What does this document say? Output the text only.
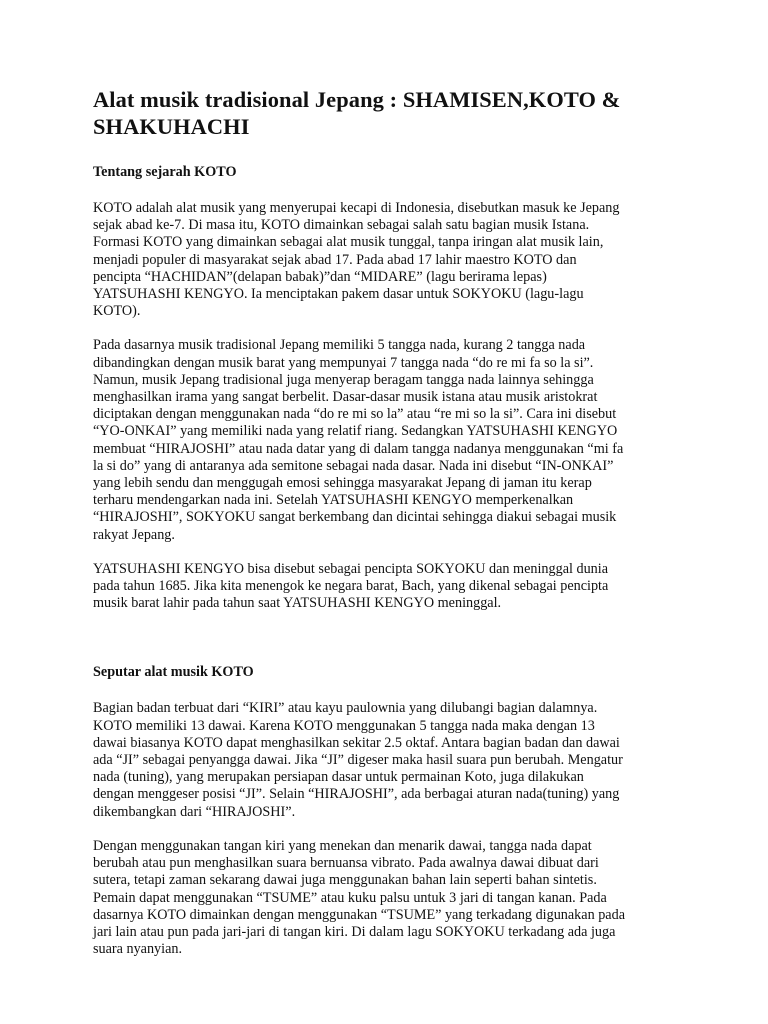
Alat musik tradisional Jepang : SHAMISEN,KOTO &
SHAKUHACHI
Tentang sejarah KOTO

KOTO adalah alat musik yang menyerupai kecapi di Indonesia, disebutkan masuk ke Jepang
sejak abad ke-7. Di masa itu, KOTO dimainkan sebagai salah satu bagian musik Istana.
Formasi KOTO yang dimainkan sebagai alat musik tunggal, tanpa iringan alat musik lain,
menjadi populer di masyarakat sejak abad 17. Pada abad 17 lahir maestro KOTO dan
pencipta “HACHIDAN”(delapan babak)”dan “MIDARE” (lagu berirama lepas)
YATSUHASHI KENGYO. Ia menciptakan pakem dasar untuk SOKYOKU (lagu-lagu
KOTO).

Pada dasarnya musik tradisional Jepang memiliki 5 tangga nada, kurang 2 tangga nada
dibandingkan dengan musik barat yang mempunyai 7 tangga nada “do re mi fa so la si”.
Namun, musik Jepang tradisional juga menyerap beragam tangga nada lainnya sehingga
menghasilkan irama yang sangat berbelit. Dasar-dasar musik istana atau musik aristokrat
diciptakan dengan menggunakan nada “do re mi so la” atau “re mi so la si”. Cara ini disebut
“YO-ONKAI” yang memiliki nada yang relatif riang. Sedangkan YATSUHASHI KENGYO
membuat “HIRAJOSHI” atau nada datar yang di dalam tangga nadanya menggunakan “mi fa
la si do” yang di antaranya ada semitone sebagai nada dasar. Nada ini disebut “IN-ONKAI”
yang lebih sendu dan menggugah emosi sehingga masyarakat Jepang di jaman itu kerap
terharu mendengarkan nada ini. Setelah YATSUHASHI KENGYO memperkenalkan
“HIRAJOSHI”, SOKYOKU sangat berkembang dan dicintai sehingga diakui sebagai musik
rakyat Jepang.

YATSUHASHI KENGYO bisa disebut sebagai pencipta SOKYOKU dan meninggal dunia
pada tahun 1685. Jika kita menengok ke negara barat, Bach, yang dikenal sebagai pencipta
musik barat lahir pada tahun saat YATSUHASHI KENGYO meninggal.

Seputar alat musik KOTO

Bagian badan terbuat dari “KIRI” atau kayu paulownia yang dilubangi bagian dalamnya.
KOTO memiliki 13 dawai. Karena KOTO menggunakan 5 tangga nada maka dengan 13
dawai biasanya KOTO dapat menghasilkan sekitar 2.5 oktaf. Antara bagian badan dan dawai
ada “JI” sebagai penyangga dawai. Jika “JI” digeser maka hasil suara pun berubah. Mengatur
nada (tuning), yang merupakan persiapan dasar untuk permainan Koto, juga dilakukan
dengan menggeser posisi “JI”. Selain “HIRAJOSHI”, ada berbagai aturan nada(tuning) yang
dikembangkan dari “HIRAJOSHI”.

Dengan menggunakan tangan kiri yang menekan dan menarik dawai, tangga nada dapat
berubah atau pun menghasilkan suara bernuansa vibrato. Pada awalnya dawai dibuat dari
sutera, tetapi zaman sekarang dawai juga menggunakan bahan lain seperti bahan sintetis.
Pemain dapat menggunakan “TSUME” atau kuku palsu untuk 3 jari di tangan kanan. Pada
dasarnya KOTO dimainkan dengan menggunakan “TSUME” yang terkadang digunakan pada
jari lain atau pun pada jari-jari di tangan kiri. Di dalam lagu SOKYOKU terkadang ada juga
suara nyanyian.
